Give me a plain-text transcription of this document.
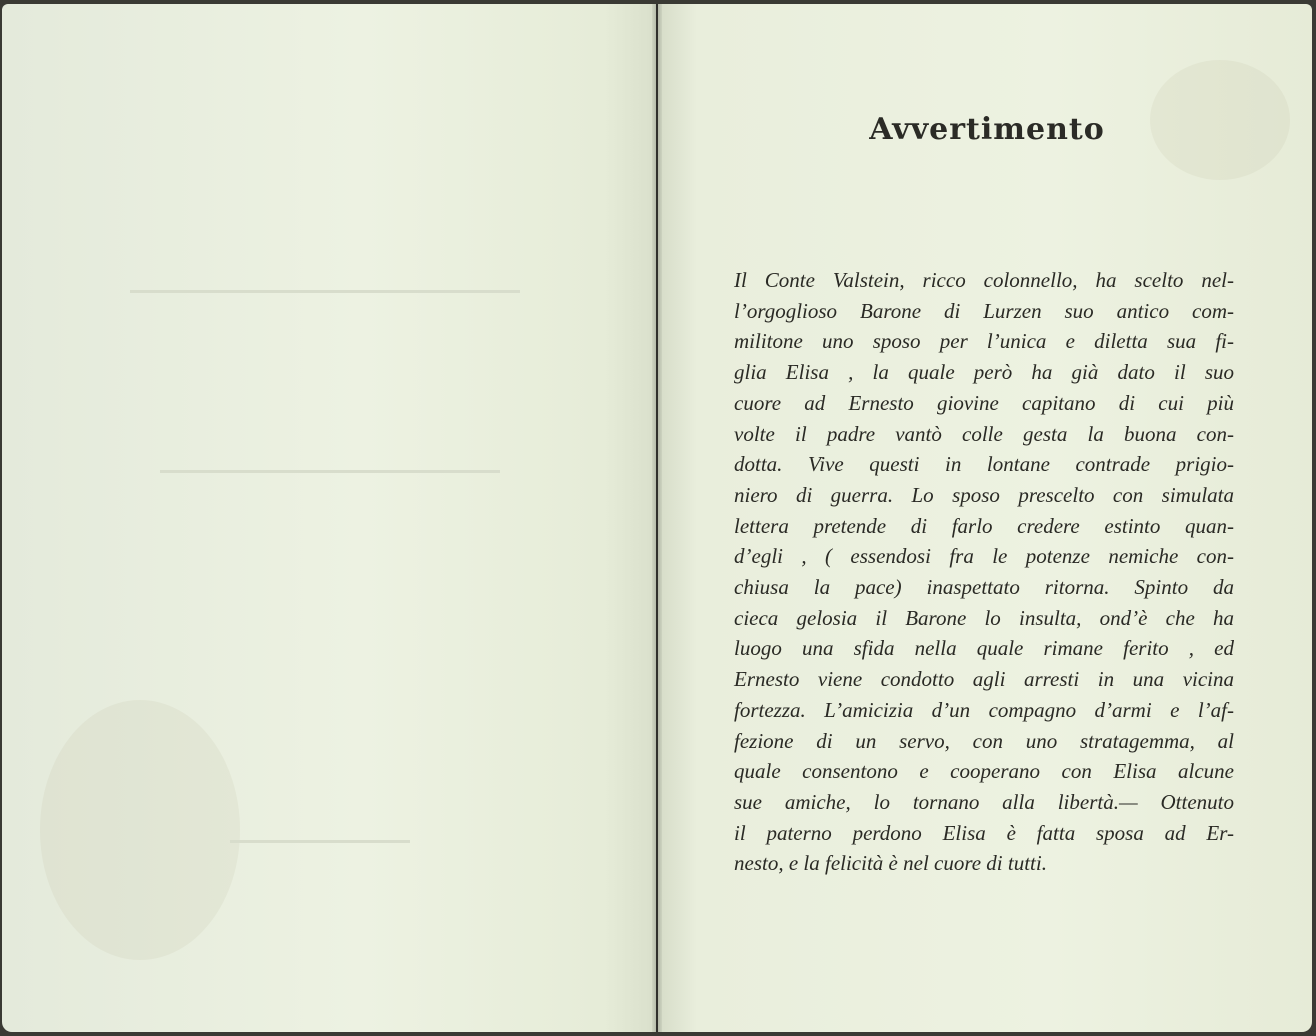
Avvertimento
Il Conte Valstein, ricco colonnello, ha scelto nel-
l’orgoglioso Barone di Lurzen suo antico com-
militone uno sposo per l’unica e diletta sua fi-
glia Elisa , la quale però ha già dato il suo
cuore ad Ernesto giovine capitano di cui più
volte il padre vantò colle gesta la buona con-
dotta. Vive questi in lontane contrade prigio-
niero di guerra. Lo sposo prescelto con simulata
lettera pretende di farlo credere estinto quan-
d’egli , ( essendosi fra le potenze nemiche con-
chiusa la pace) inaspettato ritorna. Spinto da
cieca gelosia il Barone lo insulta, ond’è che ha
luogo una sfida nella quale rimane ferito , ed
Ernesto viene condotto agli arresti in una vicina
fortezza. L’amicizia d’un compagno d’armi e l’af-
fezione di un servo, con uno stratagemma, al
quale consentono e cooperano con Elisa alcune
sue amiche, lo tornano alla libertà.— Ottenuto
il paterno perdono Elisa è fatta sposa ad Er-
nesto, e la felicità è nel cuore di tutti.
